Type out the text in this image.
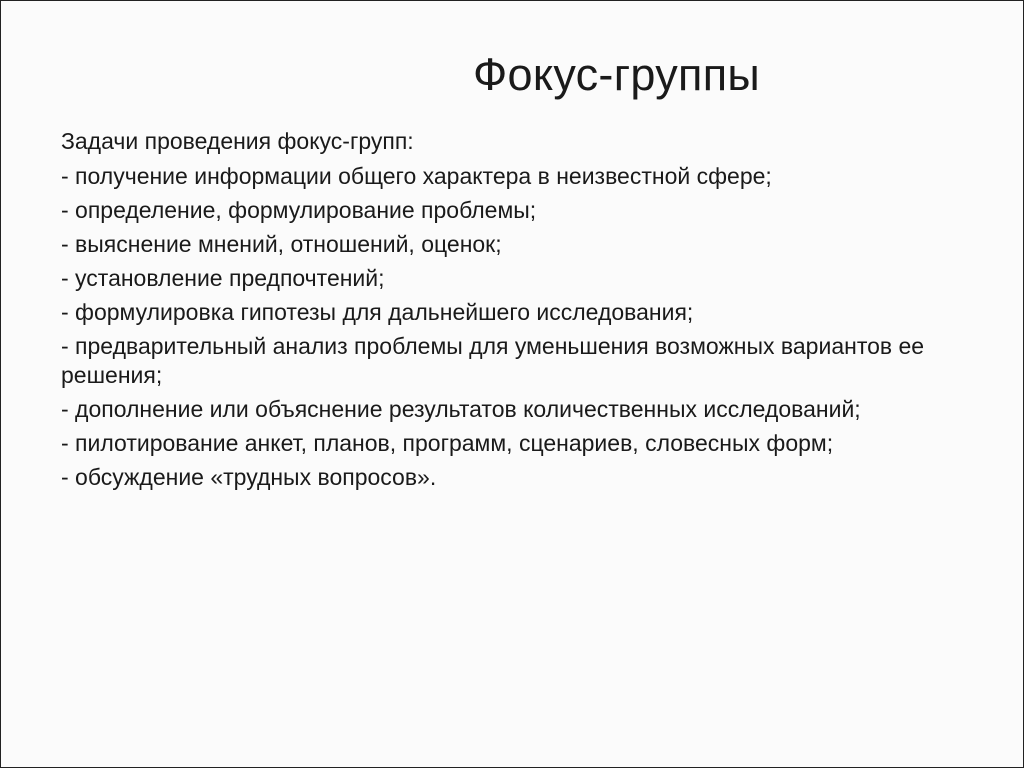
Фокус-группы

Задачи проведения фокус-групп:

- получение информации общего характера в неизвестной сфере;
- определение, формулирование проблемы;
- выяснение мнений, отношений, оценок;
- установление предпочтений;
- формулировка гипотезы для дальнейшего исследования;
- предварительный анализ проблемы для уменьшения возможных вариантов ее решения;
- дополнение или объяснение результатов количественных исследований;
- пилотирование анкет, планов, программ, сценариев, словесных форм;
- обсуждение «трудных вопросов».
